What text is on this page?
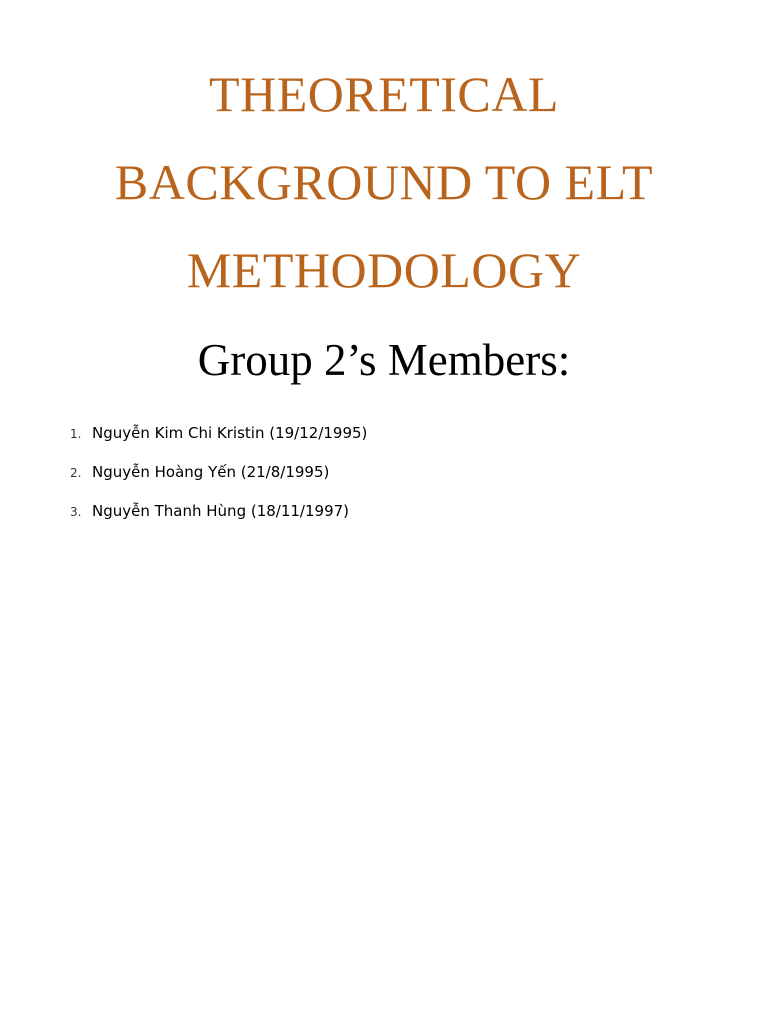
THEORETICAL
BACKGROUND TO ELT
METHODOLOGY
Group 2’s Members:
1. Nguyễn Kim Chi Kristin (19/12/1995)
2. Nguyễn Hoàng Yến (21/8/1995)
3. Nguyễn Thanh Hùng (18/11/1997)
